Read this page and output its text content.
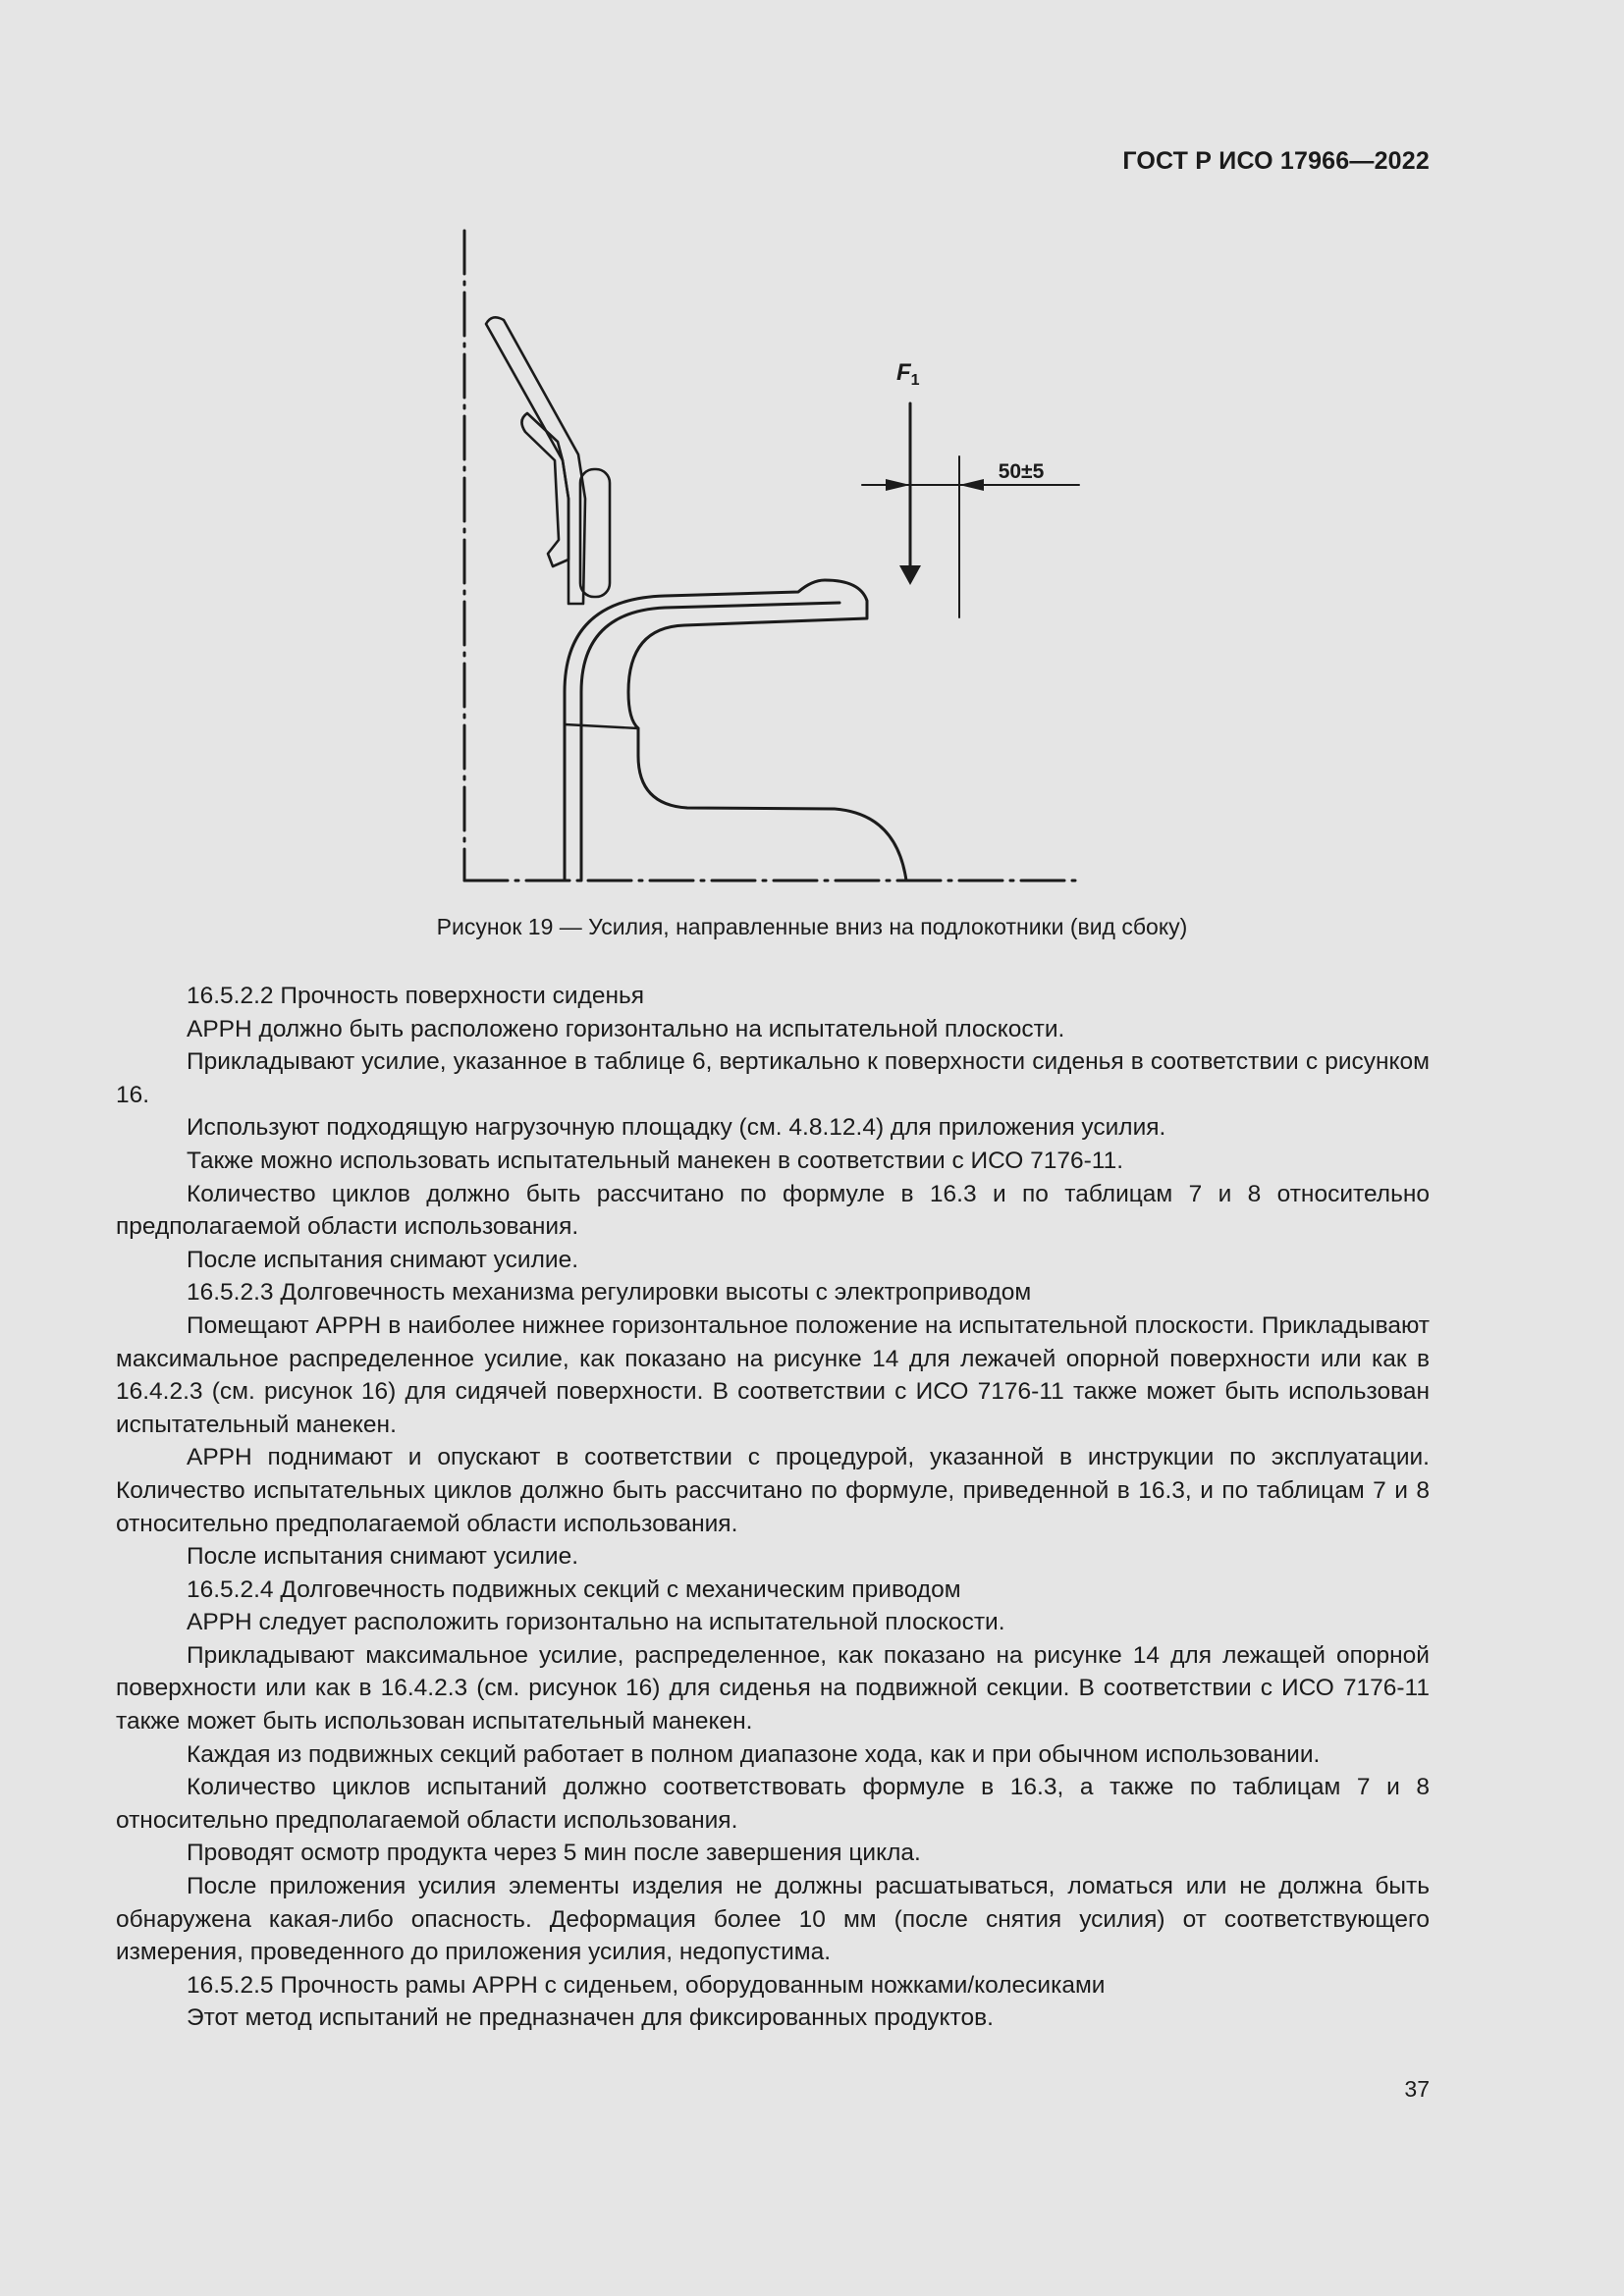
ГОСТ Р ИСО 17966—2022
$F_1$
50±5
Рисунок 19 — Усилия, направленные вниз на подлокотники (вид сбоку)

16.5.2.2 Прочность поверхности сиденья

АРРН должно быть расположено горизонтально на испытательной плоскости.

Прикладывают усилие, указанное в таблице 6, вертикально к поверхности сиденья в соответствии с рисунком 16.

Используют подходящую нагрузочную площадку (см. 4.8.12.4) для приложения усилия.

Также можно использовать испытательный манекен в соответствии с ИСО 7176-11.

Количество циклов должно быть рассчитано по формуле в 16.3 и по таблицам 7 и 8 относительно предполагаемой области использования.

После испытания снимают усилие.

16.5.2.3 Долговечность механизма регулировки высоты с электроприводом

Помещают АРРН в наиболее нижнее горизонтальное положение на испытательной плоскости. Прикладывают максимальное распределенное усилие, как показано на рисунке 14 для лежачей опорной поверхности или как в 16.4.2.3 (см. рисунок 16) для сидячей поверхности. В соответствии с ИСО 7176-11 также может быть использован испытательный манекен.

АРРН поднимают и опускают в соответствии с процедурой, указанной в инструкции по эксплуатации. Количество испытательных циклов должно быть рассчитано по формуле, приведенной в 16.3, и по таблицам 7 и 8 относительно предполагаемой области использования.

После испытания снимают усилие.

16.5.2.4 Долговечность подвижных секций с механическим приводом

АРРН следует расположить горизонтально на испытательной плоскости.

Прикладывают максимальное усилие, распределенное, как показано на рисунке 14 для лежащей опорной поверхности или как в 16.4.2.3 (см. рисунок 16) для сиденья на подвижной секции. В соответствии с ИСО 7176-11 также может быть использован испытательный манекен.

Каждая из подвижных секций работает в полном диапазоне хода, как и при обычном использовании.

Количество циклов испытаний должно соответствовать формуле в 16.3, а также по таблицам 7 и 8 относительно предполагаемой области использования.

Проводят осмотр продукта через 5 мин после завершения цикла.

После приложения усилия элементы изделия не должны расшатываться, ломаться или не должна быть обнаружена какая-либо опасность. Деформация более 10 мм (после снятия усилия) от соответствующего измерения, проведенного до приложения усилия, недопустима.

16.5.2.5 Прочность рамы АРРН с сиденьем, оборудованным ножками/колесиками

Этот метод испытаний не предназначен для фиксированных продуктов.

37
